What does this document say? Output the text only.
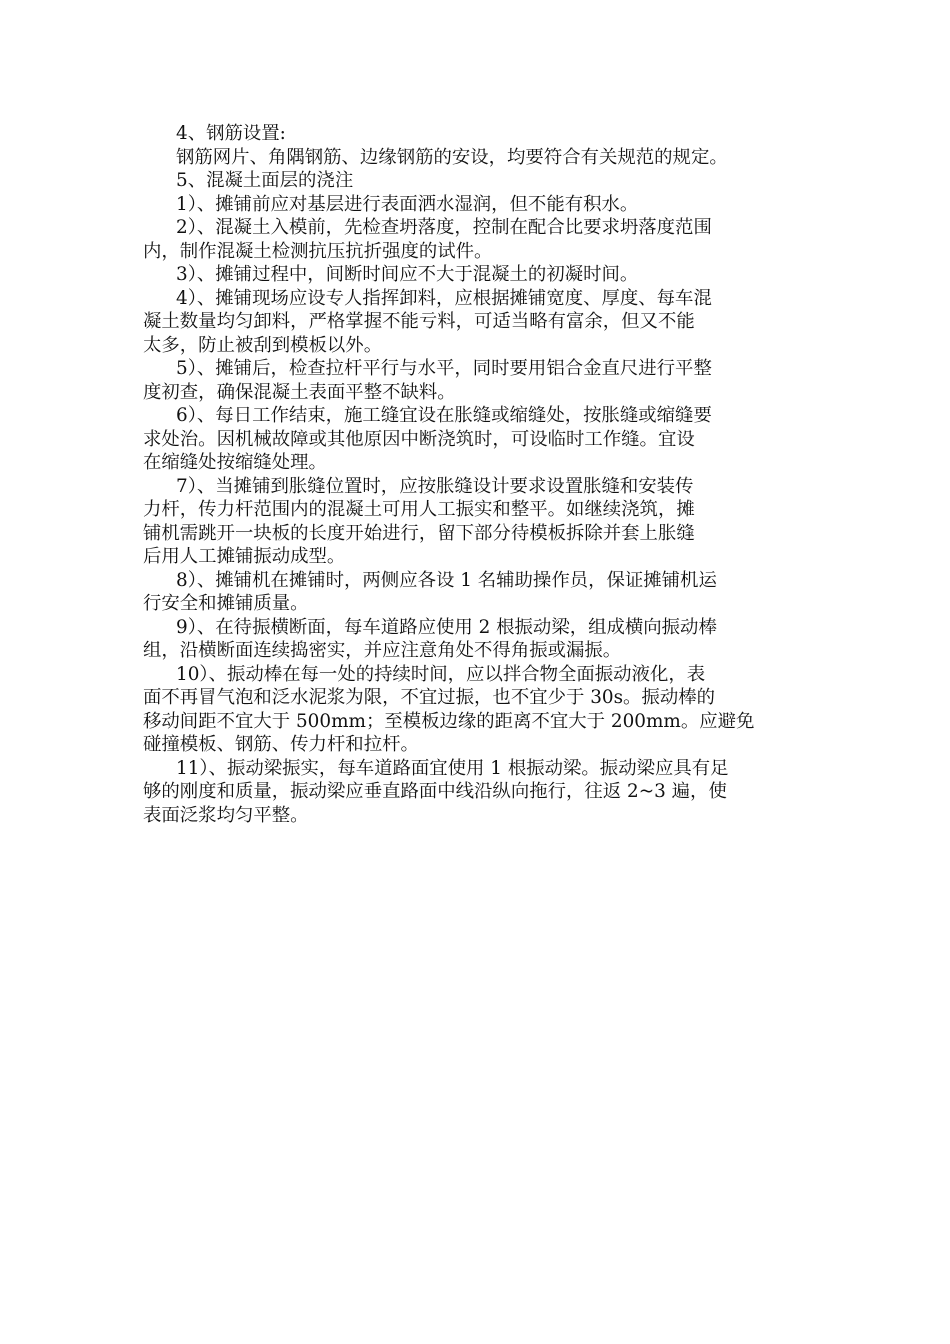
4、钢筋设置:
钢筋网片、角隅钢筋、边缘钢筋的安设，均要符合有关规范的规定。
5、混凝土面层的浇注
1）、摊铺前应对基层进行表面洒水湿润，但不能有积水。
2）、混凝土入模前，先检查坍落度，控制在配合比要求坍落度范围
内，制作混凝土检测抗压抗折强度的试件。
3）、摊铺过程中，间断时间应不大于混凝土的初凝时间。
4）、摊铺现场应设专人指挥卸料，应根据摊铺宽度、厚度、每车混
凝土数量均匀卸料，严格掌握不能亏料，可适当略有富余，但又不能
太多，防止被刮到模板以外。
5）、摊铺后，检查拉杆平行与水平，同时要用铝合金直尺进行平整
度初查，确保混凝土表面平整不缺料。
6）、每日工作结束，施工缝宜设在胀缝或缩缝处，按胀缝或缩缝要
求处治。因机械故障或其他原因中断浇筑时，可设临时工作缝。宜设
在缩缝处按缩缝处理。
7）、当摊铺到胀缝位置时，应按胀缝设计要求设置胀缝和安装传
力杆，传力杆范围内的混凝土可用人工振实和整平。如继续浇筑，摊
铺机需跳开一块板的长度开始进行，留下部分待模板拆除并套上胀缝
后用人工摊铺振动成型。
8）、摊铺机在摊铺时，两侧应各设 1 名辅助操作员，保证摊铺机运
行安全和摊铺质量。
9）、在待振横断面，每车道路应使用 2 根振动梁，组成横向振动棒
组，沿横断面连续捣密实，并应注意角处不得角振或漏振。
10）、振动棒在每一处的持续时间，应以拌合物全面振动液化，表
面不再冒气泡和泛水泥浆为限，不宜过振，也不宜少于 30s。振动棒的
移动间距不宜大于 500mm；至模板边缘的距离不宜大于 200mm。应避免
碰撞模板、钢筋、传力杆和拉杆。
11）、振动梁振实，每车道路面宜使用 1 根振动梁。振动梁应具有足
够的刚度和质量，振动梁应垂直路面中线沿纵向拖行，往返 2~3 遍，使
表面泛浆均匀平整。
